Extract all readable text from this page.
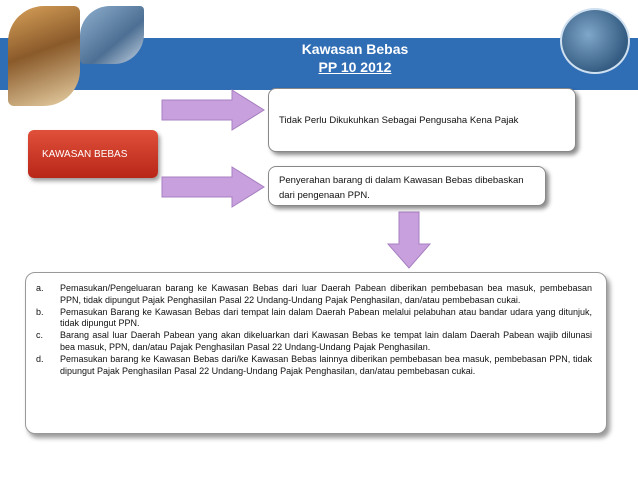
Kawasan Bebas
PP 10 2012
KAWASAN BEBAS
Tidak Perlu Dikukuhkan Sebagai Pengusaha Kena Pajak
Penyerahan barang di dalam Kawasan Bebas dibebaskan dari pengenaan PPN.
a.	Pemasukan/Pengeluaran barang ke Kawasan Bebas dari luar Daerah Pabean diberikan pembebasan bea masuk, pembebasan PPN, tidak dipungut Pajak Penghasilan Pasal 22 Undang-Undang Pajak Penghasilan, dan/atau pembebasan cukai.
b.	Pemasukan Barang ke Kawasan Bebas dari tempat lain dalam Daerah Pabean melalui pelabuhan atau bandar udara yang ditunjuk, tidak dipungut PPN.
c.	Barang asal luar Daerah Pabean yang akan dikeluarkan dari Kawasan Bebas ke tempat lain dalam Daerah Pabean wajib dilunasi bea masuk, PPN, dan/atau Pajak Penghasilan Pasal 22 Undang-Undang Pajak Penghasilan.
d.	Pemasukan barang ke Kawasan Bebas dari/ke Kawasan Bebas lainnya diberikan pembebasan bea masuk, pembebasan PPN, tidak dipungut Pajak Penghasilan Pasal 22 Undang-Undang Pajak Penghasilan, dan/atau pembebasan cukai.
